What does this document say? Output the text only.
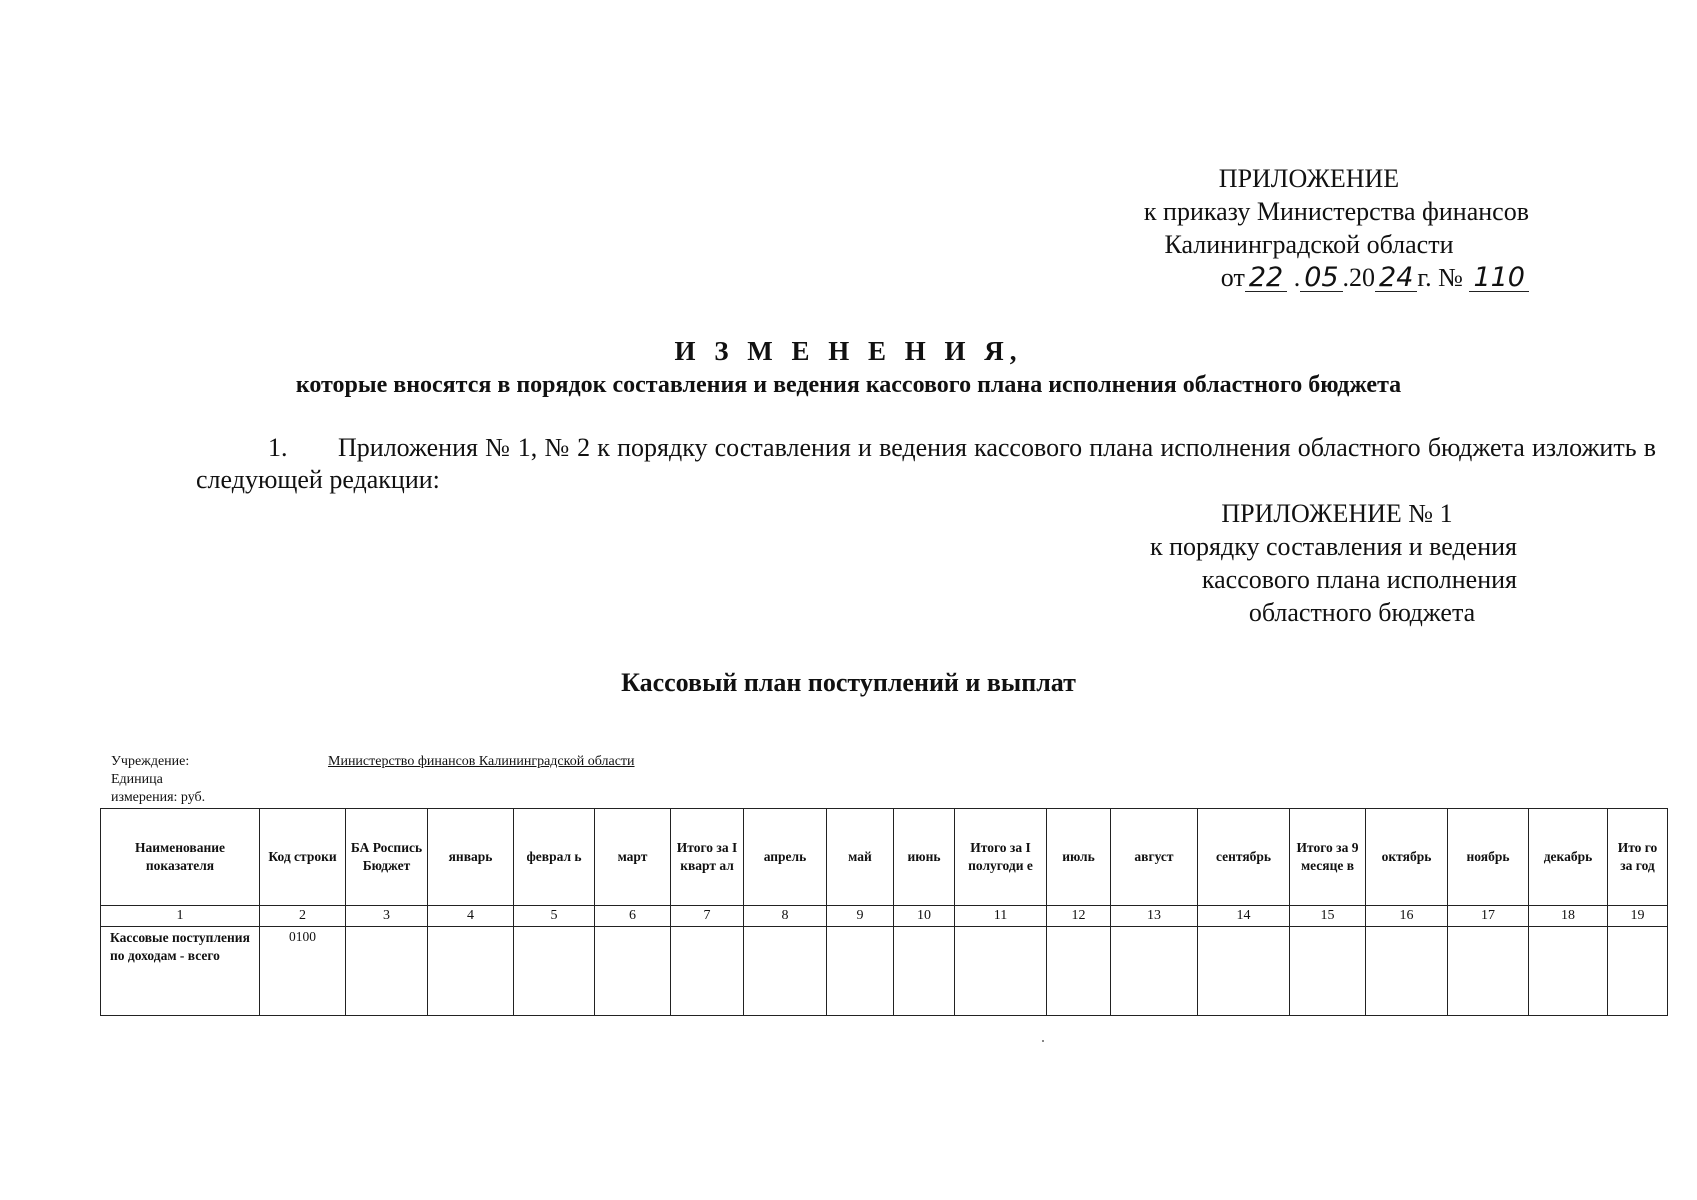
ПРИЛОЖЕНИЕ
к приказу Министерства финансов
Калининградской области
от 22 . 05 .20 24 г. № 110
И З М Е Н Е Н И Я,
которые вносятся в порядок составления и ведения кассового плана исполнения областного бюджета
1. Приложения № 1, № 2 к порядку составления и ведения кассового плана исполнения областного бюджета изложить в следующей редакции:
ПРИЛОЖЕНИЕ № 1
к порядку составления и ведения
кассового плана исполнения
областного бюджета
Кассовый план поступлений и выплат
Учреждение:
Единица
измерения: руб.
Министерство финансов Калининградской области
Наименование показателя	Код строки	БА Роспись Бюджет	январь	феврал ь	март	Итого за I кварт ал	апрель	май	июнь	Итого за I полугоди е	июль	август	сентябрь	Итого за 9 месяце в	октябрь	ноябрь	декабрь	Ито го за год
1	2	3	4	5	6	7	8	9	10	11	12	13	14	15	16	17	18	19
Кассовые поступления по доходам - всего	0100																	
